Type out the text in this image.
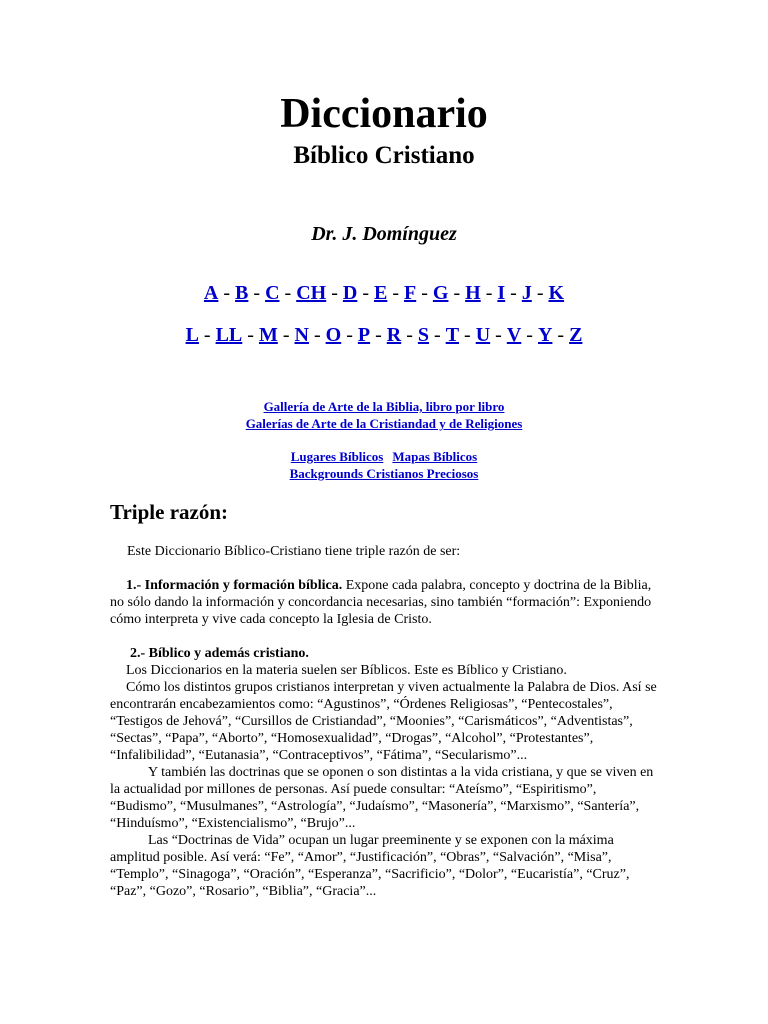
Diccionario
Bíblico Cristiano
Dr. J. Domínguez
A - B - C - CH - D - E - F - G - H - I - J - K
L - LL - M - N - O - P - R - S - T - U - V - Y - Z
Gallería de Arte de la Biblia, libro por libro
Galerías de Arte de la Cristiandad y de Religiones
Lugares Bíblicos Mapas Bíblicos
Backgrounds Cristianos Preciosos
Triple razón:

Este Diccionario Bíblico-Cristiano tiene triple razón de ser:

1.- Información y formación bíblica. Expone cada palabra, concepto y doctrina de la Biblia, no sólo dando la información y concordancia necesarias, sino también “formación”: Exponiendo cómo interpreta y vive cada concepto la Iglesia de Cristo.

2.- Bíblico y además cristiano.

Los Diccionarios en la materia suelen ser Bíblicos. Este es Bíblico y Cristiano.

Cómo los distintos grupos cristianos interpretan y viven actualmente la Palabra de Dios. Así se encontrarán encabezamientos como: “Agustinos”, “Órdenes Religiosas”, “Pentecostales”, “Testigos de Jehová”, “Cursillos de Cristiandad”, “Moonies”, “Carismáticos”, “Adventistas”, “Sectas”, “Papa”, “Aborto”, “Homosexualidad”, “Drogas”, “Alcohol”, “Protestantes”, “Infalibilidad”, “Eutanasia”, “Contraceptivos”, “Fátima”, “Secularismo”...

Y también las doctrinas que se oponen o son distintas a la vida cristiana, y que se viven en la actualidad por millones de personas. Así puede consultar: “Ateísmo”, “Espiritismo”, “Budismo”, “Musulmanes”, “Astrología”, “Judaísmo”, “Masonería”, “Marxismo”, “Santería”, “Hinduísmo”, “Existencialismo”, “Brujo”...

Las “Doctrinas de Vida” ocupan un lugar preeminente y se exponen con la máxima amplitud posible. Así verá: “Fe”, “Amor”, “Justificación”, “Obras”, “Salvación”, “Misa”, “Templo”, “Sinagoga”, “Oración”, “Esperanza”, “Sacrificio”, “Dolor”, “Eucaristía”, “Cruz”, “Paz”, “Gozo”, “Rosario”, “Biblia”, “Gracia”...
